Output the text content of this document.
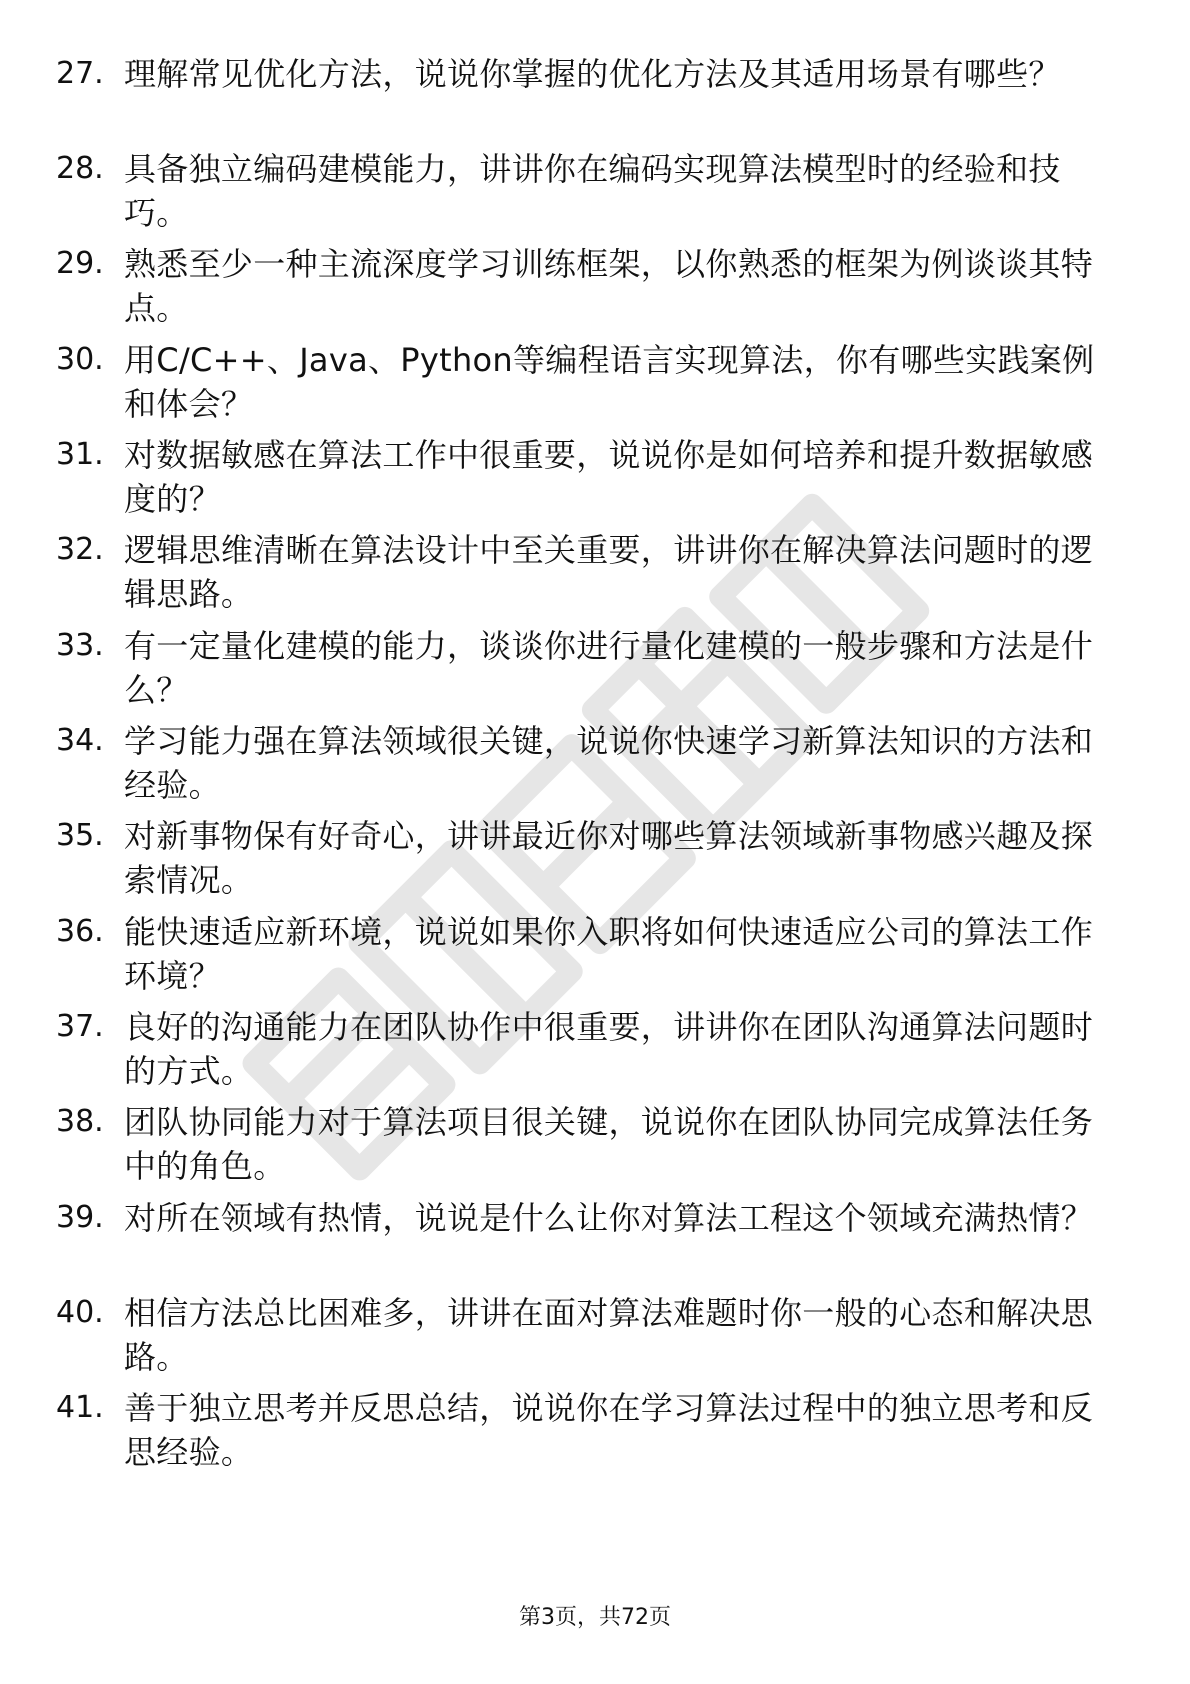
27. 理解常见优化方法，说说你掌握的优化方法及其适用场景有哪些？
28. 具备独立编码建模能力，讲讲你在编码实现算法模型时的经验和技巧。
29. 熟悉至少一种主流深度学习训练框架，以你熟悉的框架为例谈谈其特点。
30. 用C/C++、Java、Python等编程语言实现算法，你有哪些实践案例和体会？
31. 对数据敏感在算法工作中很重要，说说你是如何培养和提升数据敏感度的？
32. 逻辑思维清晰在算法设计中至关重要，讲讲你在解决算法问题时的逻辑思路。
33. 有一定量化建模的能力，谈谈你进行量化建模的一般步骤和方法是什么？
34. 学习能力强在算法领域很关键，说说你快速学习新算法知识的方法和经验。
35. 对新事物保有好奇心，讲讲最近你对哪些算法领域新事物感兴趣及探索情况。
36. 能快速适应新环境，说说如果你入职将如何快速适应公司的算法工作环境？
37. 良好的沟通能力在团队协作中很重要，讲讲你在团队沟通算法问题时的方式。
38. 团队协同能力对于算法项目很关键，说说你在团队协同完成算法任务中的角色。
39. 对所在领域有热情，说说是什么让你对算法工程这个领域充满热情？
40. 相信方法总比困难多，讲讲在面对算法难题时你一般的心态和解决思路。
41. 善于独立思考并反思总结，说说你在学习算法过程中的独立思考和反思经验。
第3页，共72页
